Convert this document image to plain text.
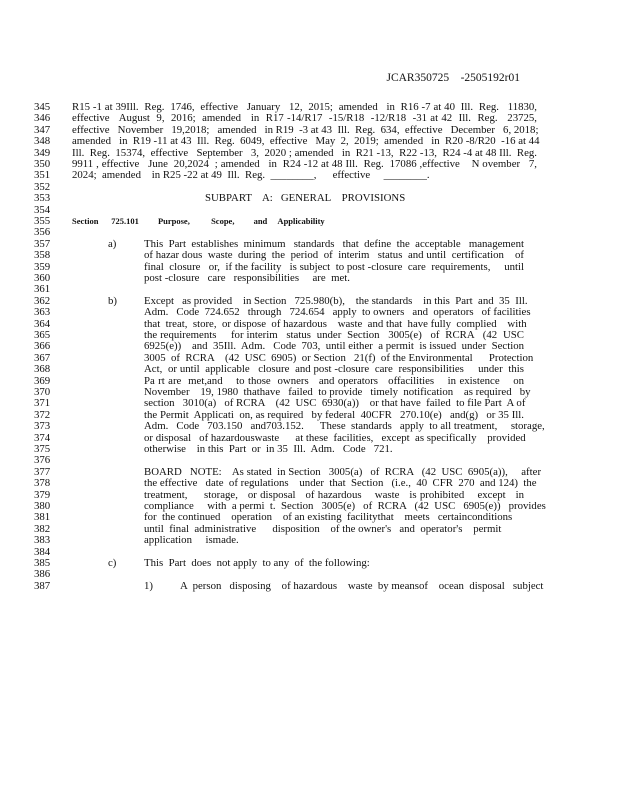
JCAR350725    -2505192r01
345	R15 -1 at 39Ill.  Reg.  1746,  effective   January   12,  2015;  amended   in  R16 -7 at 40  Ill.  Reg.   11830,
346	effective   August  9,  2016;  amended   in  R17 -14/R17  -15/R18  -12/R18  -31 at 42  Ill.  Reg.   23725,
347	effective   November   19,2018;   amended   in R19  -3 at 43  Ill.  Reg.  634,  effective   December   6, 2018;
348	amended   in  R19 -11 at 43  Ill.  Reg.  6049,  effective   May  2,  2019;  amended   in  R20 -8/R20  -16 at 44
349	Ill.  Reg.  15374,  effective   September   3,  2020 ; amended   in  R21 -13,  R22 -13,  R24 -4 at 48 Ill.  Reg.
350	9911 , effective   June  20,2024  ; amended   in  R24 -12 at 48 Ill.  Reg.  17086 ,effective    N ovember   7,
351	2024;  amended    in R25 -22 at 49  Ill.  Reg.  ________,      effective     ________.
352
353	SUBPART    A:   GENERAL    PROVISIONS
354
355	Section      725.101         Purpose,          Scope,         and     Applicability
356
357	a)	This  Part  establishes  minimum   standards   that  define  the  acceptable   management
358	of hazar dous  waste  during  the  period  of  interim   status  and until  certification    of
359	final  closure   or,  if the facility   is subject  to post -closure  care  requirements,     until
360	post -closure   care   responsibilities     are  met.
361
362	b)	Except   as provided    in Section   725.980(b),    the standards    in this  Part  and  35  Ill.
363	Adm.   Code  724.652   through   724.654   apply  to owners   and  operators   of facilities
364	that  treat,  store,  or dispose  of hazardous    waste  and that  have fully  complied    with
365	the requirements     for interim   status  under  Section   3005(e)   of  RCRA   (42  USC
366	6925(e))    and  35Ill.  Adm.   Code  703,  until either  a permit  is issued  under  Section
367	3005  of  RCRA    (42  USC  6905)  or Section   21(f)  of the Environmental      Protection
368	Act,  or until  applicable   closure  and post -closure  care  responsibilities     under  this
369	Pa rt are  met,and    to those  owners   and operators   offacilities    in existence    on
370	November    19, 1980  thathave   failed  to provide   timely  notification    as required   by
371	section   3010(a)   of RCRA    (42  USC  6930(a))    or that have  failed  to file Part  A of
372	the Permit  Applicati  on, as required   by federal  40CFR   270.10(e)   and(g)   or 35 Ill.
373	Adm.   Code   703.150   and703.152.      These  standards   apply  to all treatment,     storage,
374	or disposal   of hazardouswaste      at these  facilities,   except  as specifically    provided
375	otherwise    in this  Part  or  in 35  Ill.  Adm.   Code   721.
376
377	BOARD   NOTE:    As stated  in Section   3005(a)   of  RCRA   (42  USC  6905(a)),     after
378	the effective   date  of regulations    under  that  Section   (i.e.,  40  CFR  270  and 124)  the
379	treatment,     storage,   or disposal   of hazardous    waste   is prohibited    except   in
380	compliance     with  a permi  t.  Section   3005(e)   of  RCRA   (42  USC   6905(e))   provides
381	for  the continued    operation    of an existing  facilitythat    meets   certainconditions
382	until  final  administrative      disposition    of the owner's   and  operator's    permit
383	application     ismade.
384
385	c)	This  Part  does  not apply  to any  of  the following:
386
387	1)	A  person   disposing    of hazardous    waste  by meansof    ocean  disposal   subject
